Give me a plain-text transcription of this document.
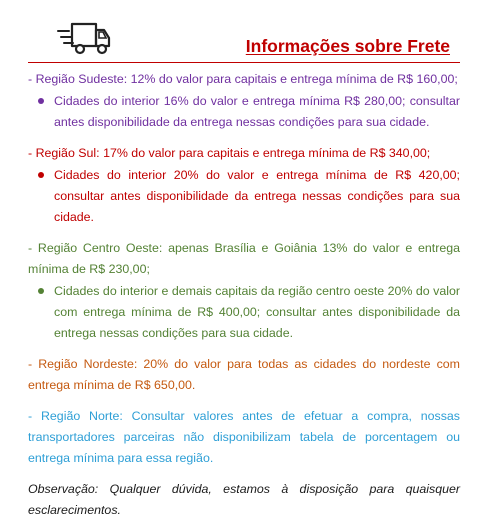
Informações sobre Frete

- Região Sudeste: 12% do valor para capitais e entrega mínima de R$ 160,00;

Cidades do interior 16% do valor e entrega mínima R$ 280,00; consultar antes disponibilidade da entrega nessas condições para sua cidade.

- Região Sul: 17% do valor para capitais e entrega mínima de R$ 340,00;

Cidades do interior 20% do valor e entrega mínima de R$ 420,00; consultar antes disponibilidade da entrega nessas condições para sua cidade.

- Região Centro Oeste: apenas Brasília e Goiânia 13% do valor e entrega mínima de R$ 230,00;

Cidades do interior e demais capitais da região centro oeste 20% do valor com entrega mínima de R$ 400,00; consultar antes disponibilidade da entrega nessas condições para sua cidade.

- Região Nordeste: 20% do valor para todas as cidades do nordeste com entrega mínima de R$ 650,00.

- Região Norte: Consultar valores antes de efetuar a compra, nossas transportadores parceiras não disponibilizam tabela de porcentagem ou entrega mínima para essa região.

Observação: Qualquer dúvida, estamos à disposição para quaisquer esclarecimentos.
